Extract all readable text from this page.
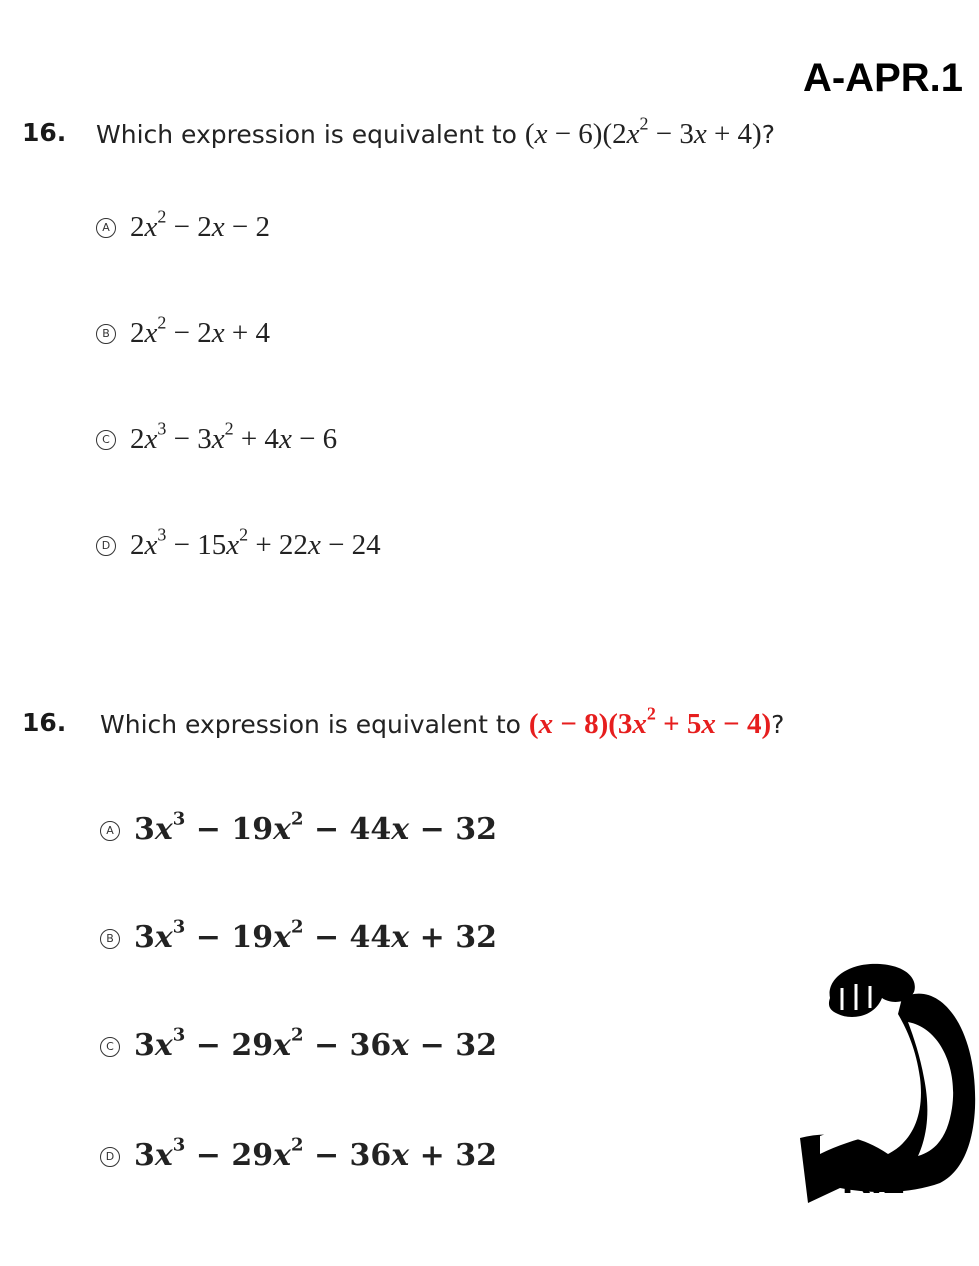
A-APR.1
16. Which expression is equivalent to $(x - 6)(2x^2 - 3x + 4)$?
A $2x^2 - 2x - 2$
B $2x^2 - 2x + 4$
C $2x^3 - 3x^2 + 4x - 6$
D $2x^3 - 15x^2 + 22x - 24$
16. Which expression is equivalent to $(x - 8)(3x^2 + 5x - 4)$?
A $3x^3 - 19x^2 - 44x - 32$
B $3x^3 - 19x^2 - 44x + 32$
C $3x^3 - 29x^2 - 36x - 32$
D $3x^3 - 29x^2 - 36x + 32$
